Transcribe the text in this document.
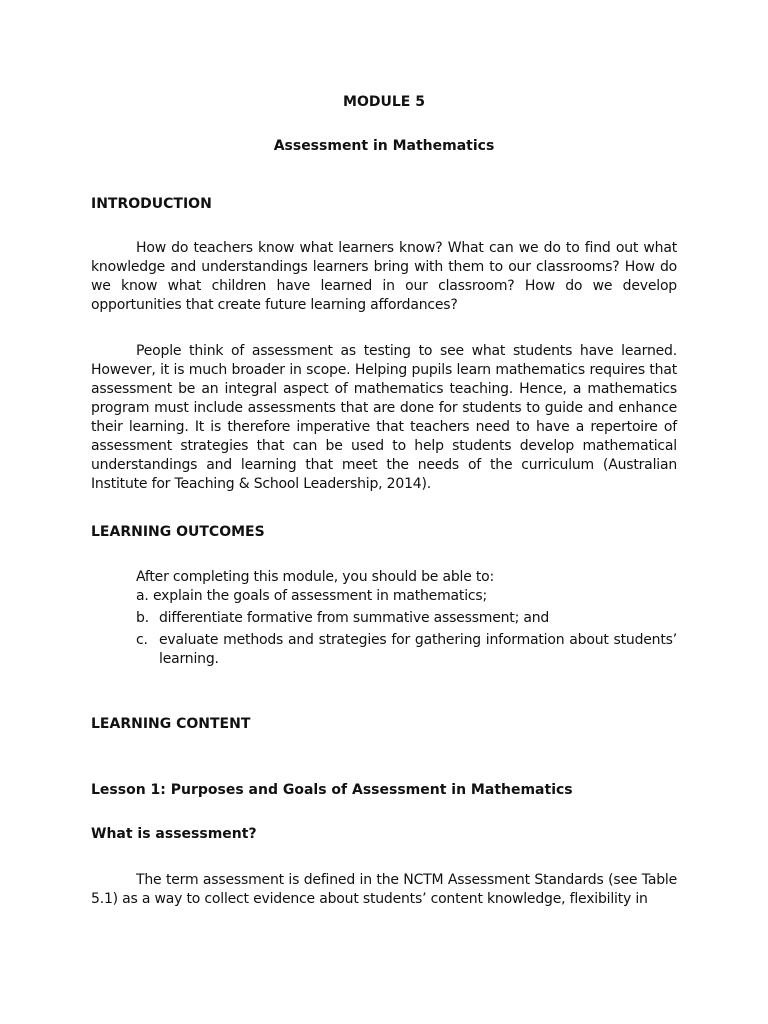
MODULE 5
Assessment in Mathematics
INTRODUCTION

How do teachers know what learners know? What can we do to find out what knowledge and understandings learners bring with them to our classrooms? How do we know what children have learned in our classroom? How do we develop opportunities that create future learning affordances?

People think of assessment as testing to see what students have learned. However, it is much broader in scope. Helping pupils learn mathematics requires that assessment be an integral aspect of mathematics teaching. Hence, a mathematics program must include assessments that are done for students to guide and enhance their learning. It is therefore imperative that teachers need to have a repertoire of assessment strategies that can be used to help students develop mathematical understandings and learning that meet the needs of the curriculum (Australian Institute for Teaching & School Leadership, 2014).

LEARNING OUTCOMES

After completing this module, you should be able to:

a. explain the goals of assessment in mathematics;
b. differentiate formative from summative assessment; and
c. evaluate methods and strategies for gathering information about students’ learning.
LEARNING CONTENT
Lesson 1: Purposes and Goals of Assessment in Mathematics
What is assessment?

The term assessment is defined in the NCTM Assessment Standards (see Table 5.1) as a way to collect evidence about students’ content knowledge, flexibility in
